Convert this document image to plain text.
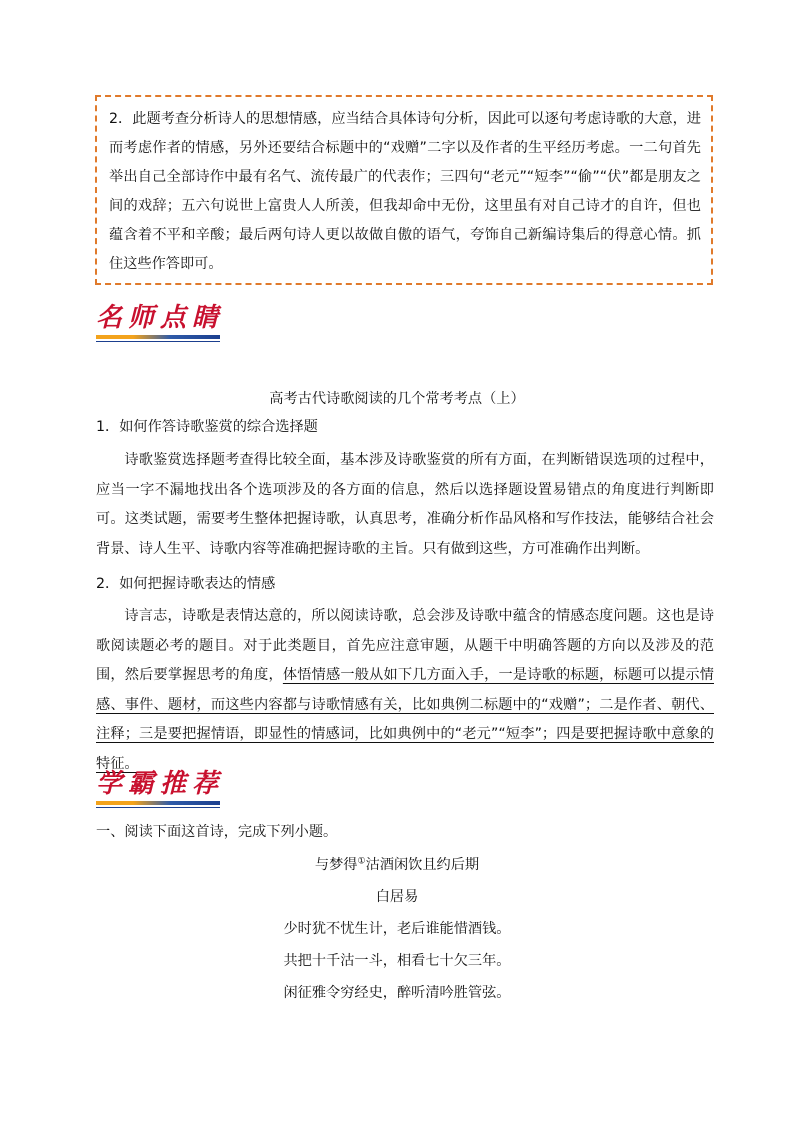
2．此题考查分析诗人的思想情感，应当结合具体诗句分析，因此可以逐句考虑诗歌的大意，进而考虑作者的情感，另外还要结合标题中的“戏赠”二字以及作者的生平经历考虑。一二句首先举出自己全部诗作中最有名气、流传最广的代表作；三四句“老元”“短李”“偷”“伏”都是朋友之间的戏辞；五六句说世上富贵人人所羡，但我却命中无份，这里虽有对自己诗才的自许，但也蕴含着不平和辛酸；最后两句诗人更以故做自傲的语气，夸饰自己新编诗集后的得意心情。抓住这些作答即可。

名师点睛
高考古代诗歌阅读的几个常考考点（上）
1．如何作答诗歌鉴赏的综合选择题

诗歌鉴赏选择题考查得比较全面，基本涉及诗歌鉴赏的所有方面，在判断错误选项的过程中，应当一字不漏地找出各个选项涉及的各方面的信息，然后以选择题设置易错点的角度进行判断即可。这类试题，需要考生整体把握诗歌，认真思考，准确分析作品风格和写作技法，能够结合社会背景、诗人生平、诗歌内容等准确把握诗歌的主旨。只有做到这些，方可准确作出判断。

2．如何把握诗歌表达的情感

诗言志，诗歌是表情达意的，所以阅读诗歌，总会涉及诗歌中蕴含的情感态度问题。这也是诗歌阅读题必考的题目。对于此类题目，首先应注意审题，从题干中明确答题的方向以及涉及的范围，然后要掌握思考的角度，体悟情感一般从如下几方面入手，一是诗歌的标题，标题可以提示情感、事件、题材，而这些内容都与诗歌情感有关，比如典例二标题中的“戏赠”；二是作者、朝代、注释；三是要把握情语，即显性的情感词，比如典例中的“老元”“短李”；四是要把握诗歌中意象的特征。

学霸推荐
一、阅读下面这首诗，完成下列小题。
与梦得①沽酒闲饮且约后期
白居易
少时犹不忧生计，老后谁能惜酒钱。
共把十千沽一斗，相看七十欠三年。
闲征雅令穷经史，醉听清吟胜管弦。
